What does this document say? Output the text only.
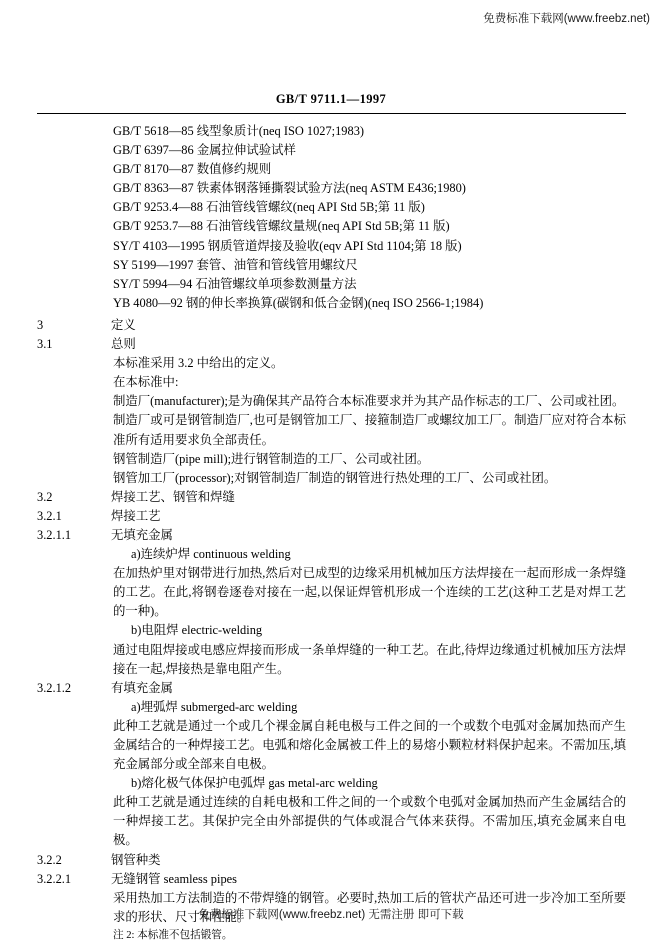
免费标准下载网(www.freebz.net)
GB/T 9711.1—1997
GB/T 5618—85 线型象质计(neq ISO 1027;1983)
GB/T 6397—86 金属拉伸试验试样
GB/T 8170—87 数值修约规则
GB/T 8363—87 铁素体钢落锤撕裂试验方法(neq ASTM E436;1980)
GB/T 9253.4—88 石油管线管螺纹(neq API Std 5B;第 11 版)
GB/T 9253.7—88 石油管线管螺纹量规(neq API Std 5B;第 11 版)
SY/T 4103—1995 钢质管道焊接及验收(eqv API Std 1104;第 18 版)
SY 5199—1997 套管、油管和管线管用螺纹尺
SY/T 5994—94 石油管螺纹单项参数测量方法
YB 4080—92 钢的伸长率换算(碳钢和低合金钢)(neq ISO 2566-1;1984)
3	定义
3.1	总则

本标准采用 3.2 中给出的定义。

在本标准中:

制造厂(manufacturer);是为确保其产品符合本标准要求并为其产品作标志的工厂、公司或社团。

制造厂或可是钢管制造厂,也可是钢管加工厂、接箍制造厂或螺纹加工厂。制造厂应对符合本标准所有适用要求负全部责任。

钢管制造厂(pipe mill);进行钢管制造的工厂、公司或社团。

钢管加工厂(processor);对钢管制造厂制造的钢管进行热处理的工厂、公司或社团。

3.2	焊接工艺、钢管和焊缝
3.2.1	焊接工艺
3.2.1.1	无填充金属

a)连续炉焊 continuous welding

在加热炉里对钢带进行加热,然后对已成型的边缘采用机械加压方法焊接在一起而形成一条焊缝的工艺。在此,将钢卷逐卷对接在一起,以保证焊管机形成一个连续的工艺(这种工艺是对焊工艺的一种)。

b)电阻焊 electric-welding

通过电阻焊接或电感应焊接而形成一条单焊缝的一种工艺。在此,待焊边缘通过机械加压方法焊接在一起,焊接热是靠电阻产生。

3.2.1.2	有填充金属

a)埋弧焊 submerged-arc welding

此种工艺就是通过一个或几个裸金属自耗电极与工件之间的一个或数个电弧对金属加热而产生金属结合的一种焊接工艺。电弧和熔化金属被工件上的易熔小颗粒材料保护起来。不需加压,填充金属部分或全部来自电极。

b)熔化极气体保护电弧焊 gas metal-arc welding

此种工艺就是通过连续的自耗电极和工件之间的一个或数个电弧对金属加热而产生金属结合的一种焊接工艺。其保护完全由外部提供的气体或混合气体来获得。不需加压,填充金属来自电极。

3.2.2	钢管种类
3.2.2.1	无缝钢管 seamless pipes

采用热加工方法制造的不带焊缝的钢管。必要时,热加工后的管状产品还可进一步冷加工至所要求的形状、尺寸和性能。

注 2: 本标准不包括锻管。

免费标准下载网(www.freebz.net) 无需注册 即可下载
